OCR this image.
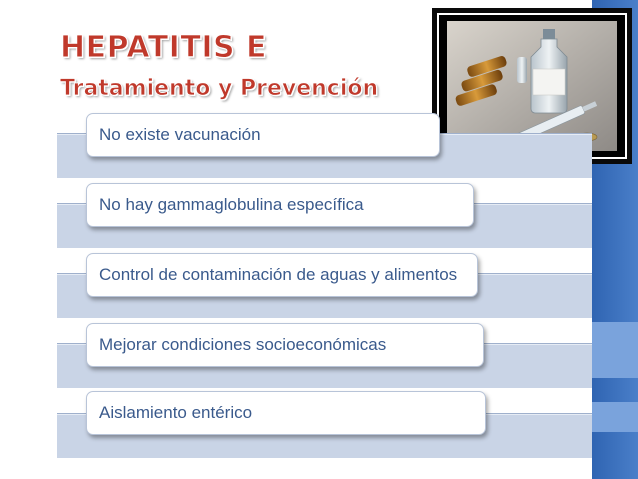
HEPATITIS E
Tratamiento y Prevención
No existe vacunación
No hay gammaglobulina específica
Control de contaminación de aguas y alimentos
Mejorar condiciones socioeconómicas
Aislamiento entérico
